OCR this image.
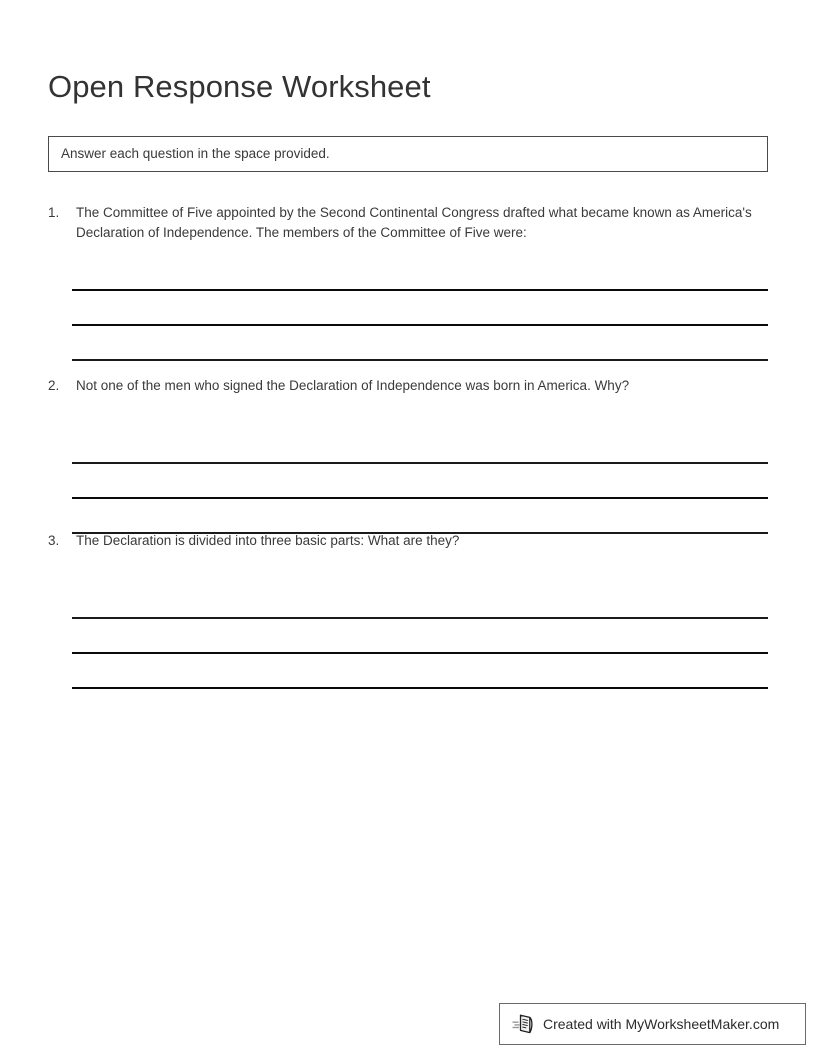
Open Response Worksheet
Answer each question in the space provided.
1.	The Committee of Five appointed by the Second Continental Congress drafted what became known as America's Declaration of Independence. The members of the Committee of Five were:
2.	Not one of the men who signed the Declaration of Independence was born in America. Why?
3.	The Declaration is divided into three basic parts: What are they?
Created with MyWorksheetMaker.com
